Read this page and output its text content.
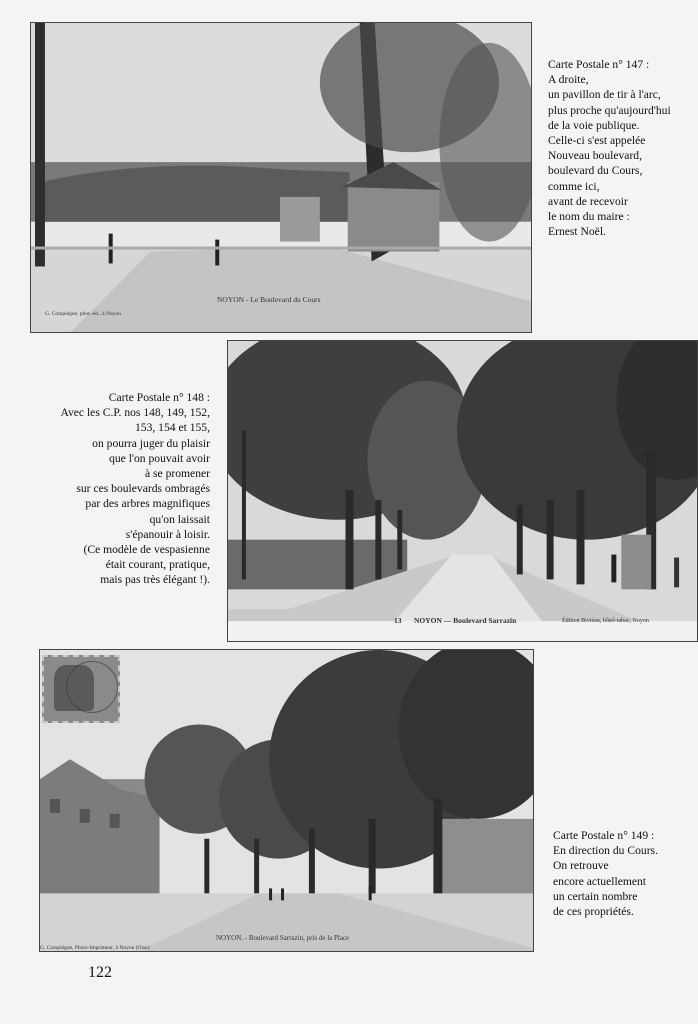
NOYON - Le Boulevard du Cours
G. Compiègne, phot.-éd., à Noyon
Carte Postale n° 147 :
A droite,
un pavillon de tir à l'arc,
plus proche qu'aujourd'hui
de la voie publique.
Celle-ci s'est appelée
Nouveau boulevard,
boulevard du Cours,
comme ici,
avant de recevoir
le nom du maire :
Ernest Noël.
Carte Postale n° 148 :
Avec les C.P. nos 148, 149, 152,
153, 154 et 155,
on pourra juger du plaisir
que l'on pouvait avoir
à se promener
sur ces boulevards ombragés
par des arbres magnifiques
qu'on laissait
s'épanouir à loisir.
(Ce modèle de vespasienne
était courant, pratique,
mais pas très élégant !).
13 NOYON — Boulevard Sarrazin	Édition Biviéan, hôtel-tabac, Noyon
NOYON. - Boulevard Sarrazin, pris de la Place
G. Compiègne, Photo-Imprimeur, à Noyon (Oise)
Carte Postale n° 149 :
En direction du Cours.
On retrouve
encore actuellement
un certain nombre
de ces propriétés.
122
